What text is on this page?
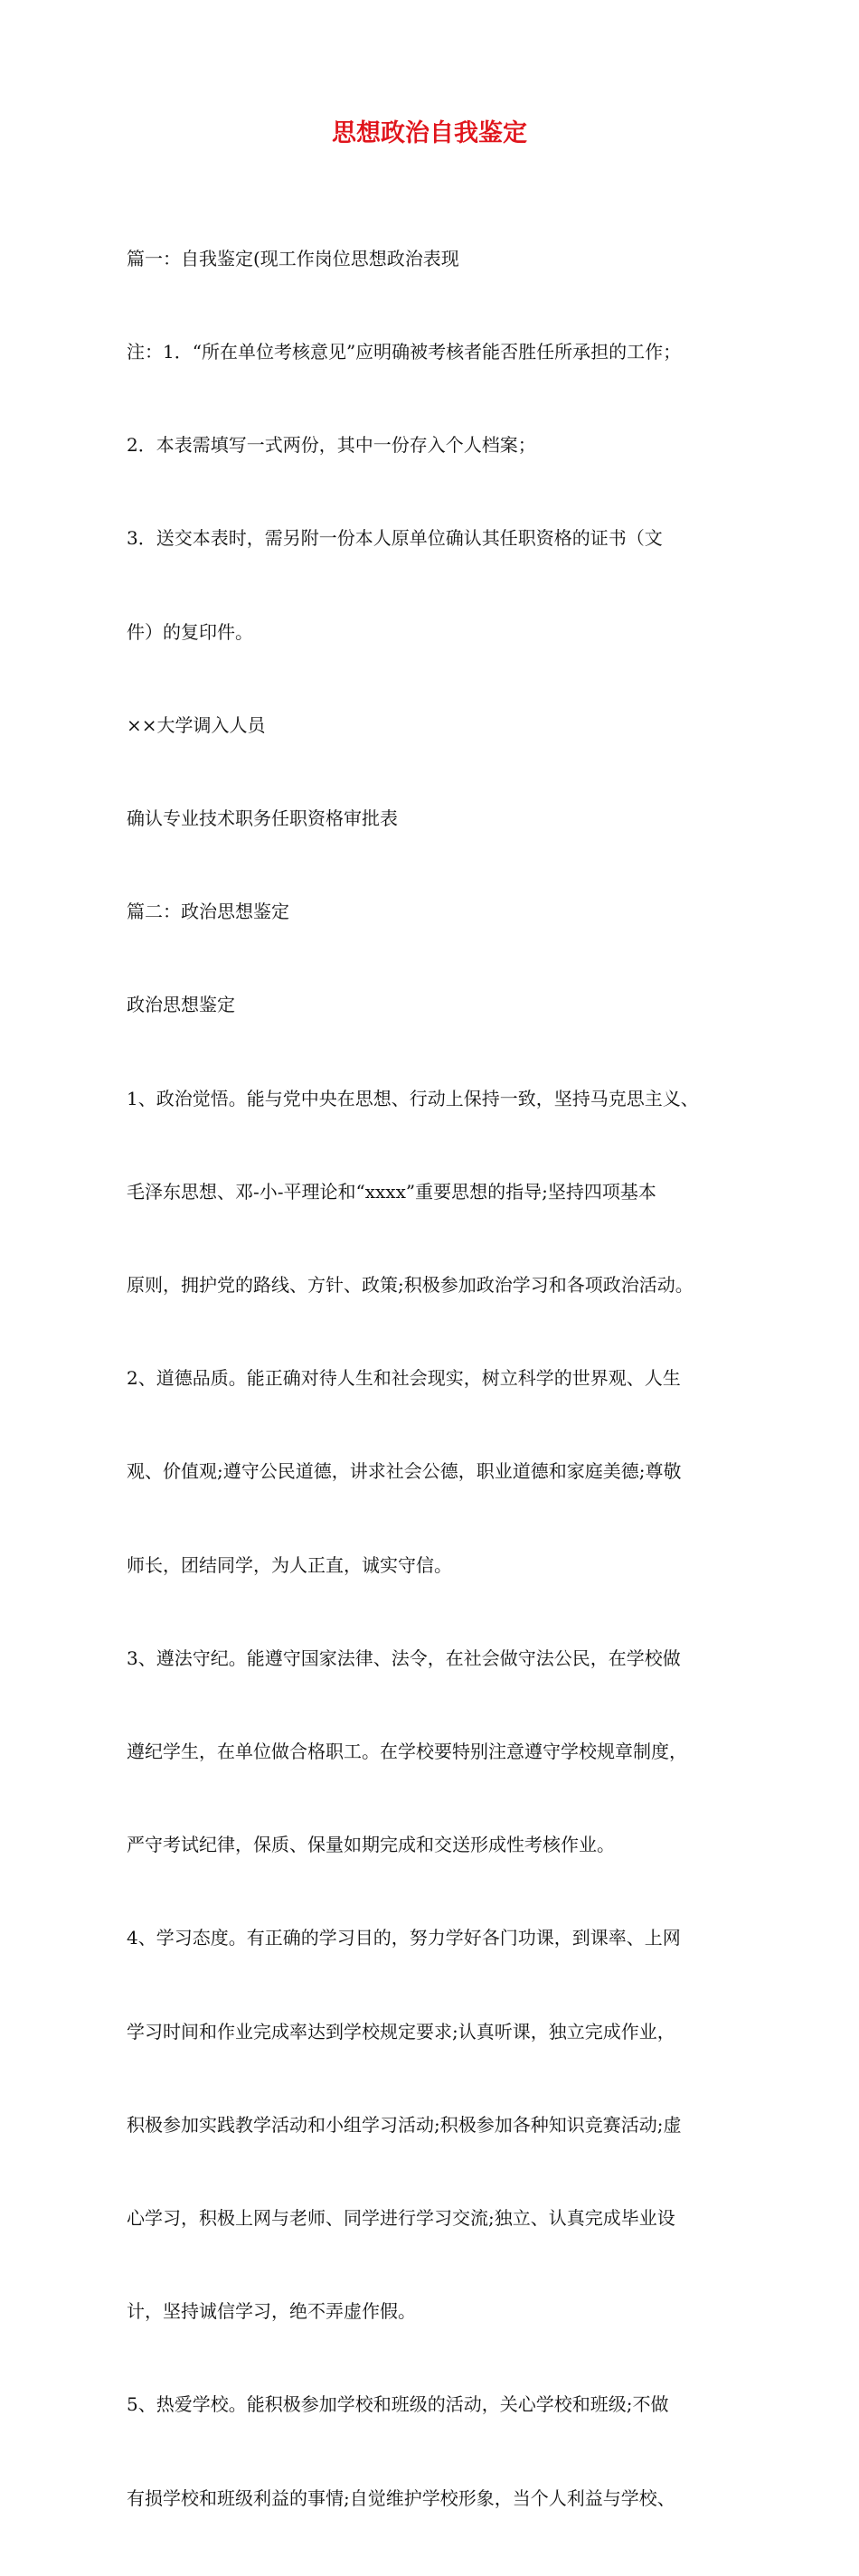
思想政治自我鉴定

篇一：自我鉴定(现工作岗位思想政治表现

注：1．“所在单位考核意见”应明确被考核者能否胜任所承担的工作；

2．本表需填写一式两份，其中一份存入个人档案；

3．送交本表时，需另附一份本人原单位确认其任职资格的证书（文

件）的复印件。

××大学调入人员

确认专业技术职务任职资格审批表

篇二：政治思想鉴定

政治思想鉴定

1、政治觉悟。能与党中央在思想、行动上保持一致，坚持马克思主义、

毛泽东思想、邓-小-平理论和“xxxx”重要思想的指导;坚持四项基本

原则，拥护党的路线、方针、政策;积极参加政治学习和各项政治活动。

2、道德品质。能正确对待人生和社会现实，树立科学的世界观、人生

观、价值观;遵守公民道德，讲求社会公德，职业道德和家庭美德;尊敬

师长，团结同学，为人正直，诚实守信。

3、遵法守纪。能遵守国家法律、法令，在社会做守法公民，在学校做

遵纪学生，在单位做合格职工。在学校要特别注意遵守学校规章制度，

严守考试纪律，保质、保量如期完成和交送形成性考核作业。

4、学习态度。有正确的学习目的，努力学好各门功课，到课率、上网

学习时间和作业完成率达到学校规定要求;认真听课，独立完成作业，

积极参加实践教学活动和小组学习活动;积极参加各种知识竞赛活动;虚

心学习，积极上网与老师、同学进行学习交流;独立、认真完成毕业设

计，坚持诚信学习，绝不弄虚作假。

5、热爱学校。能积极参加学校和班级的活动，关心学校和班级;不做

有损学校和班级利益的事情;自觉维护学校形象，当个人利益与学校、
